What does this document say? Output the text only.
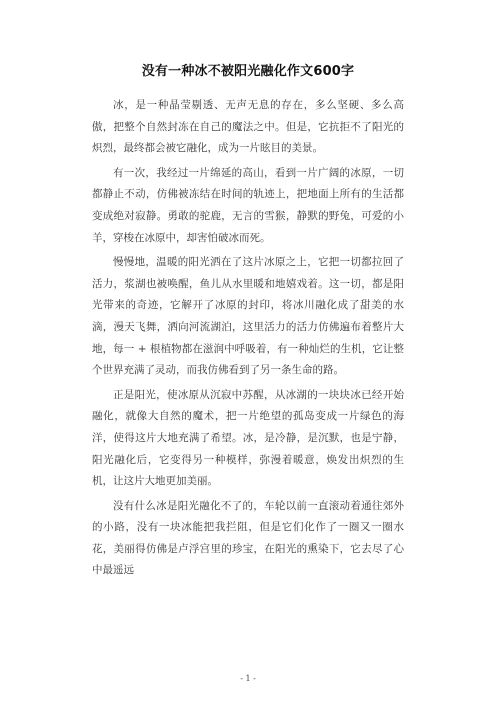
没有一种冰不被阳光融化作文600字

冰，是一种晶莹剔透、无声无息的存在，多么坚硬、多么高傲，把整个自然封冻在自己的魔法之中。但是，它抗拒不了阳光的炽烈，最终都会被它融化，成为一片眩目的美景。

有一次，我经过一片绵延的高山，看到一片广阔的冰原，一切都静止不动，仿佛被冻结在时间的轨迹上，把地面上所有的生活都变成绝对寂静。勇敢的驼鹿，无言的雪猴，静默的野兔，可爱的小羊，穿梭在冰原中，却害怕破冰而死。

慢慢地，温暖的阳光洒在了这片冰原之上，它把一切都拉回了活力，浆湖也被唤醒，鱼儿从水里暖和地嬉戏着。这一切，都是阳光带来的奇迹，它解开了冰原的封印，将冰川融化成了甜美的水滴，漫天飞舞，洒向河流湖泊，这里活力的活力仿佛遍布着整片大地，每一 + 根植物都在滋润中呼吸着，有一种灿烂的生机，它让整个世界充满了灵动，而我仿佛看到了另一条生命的路。

正是阳光，使冰原从沉寂中苏醒，从冰湖的一块块冰已经开始融化，就像大自然的魔术，把一片绝望的孤岛变成一片绿色的海洋，使得这片大地充满了希望。冰，是冷静，是沉默，也是宁静，阳光融化后，它变得另一种模样，弥漫着暖意，焕发出炽烈的生机，让这片大地更加美丽。

没有什么冰是阳光融化不了的，车轮以前一直滚动着通往郊外的小路，没有一块冰能把我拦阻，但是它们化作了一圈又一圈水花，美丽得仿佛是卢浮宫里的珍宝，在阳光的熏染下，它去尽了心中最遥远

- 1 -
